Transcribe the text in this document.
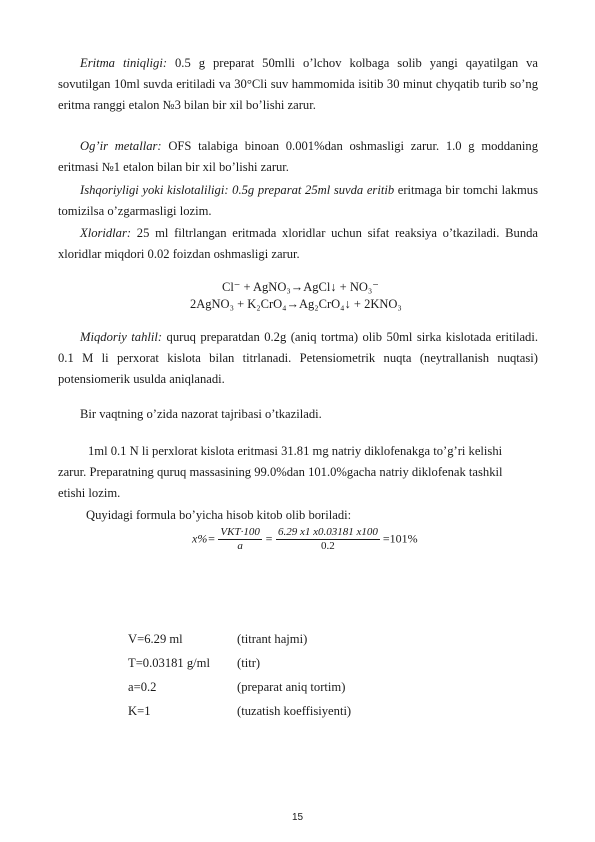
Eritma tiniqligi: 0.5 g preparat 50mlli o’lchov kolbaga solib yangi qayatilgan va sovutilgan 10ml suvda eritiladi va 30°Cli suv hammomida isitib 30 minut chyqatib turib so’ng eritma ranggi etalon №3 bilan bir xil bo’lishi zarur.
Og’ir metallar: OFS talabiga binoan 0.001%dan oshmasligi zarur. 1.0 g moddaning eritmasi №1 etalon bilan bir xil bo’lishi zarur.
Ishqoriyligi yoki kislotaliligi: 0.5g preparat 25ml suvda eritib eritmaga bir tomchi lakmus tomizilsa o’zgarmasligi lozim.
Xloridlar: 25 ml filtrlangan eritmada xloridlar uchun sifat reaksiya o’tkaziladi. Bunda xloridlar miqdori 0.02 foizdan oshmasligi zarur.
Cl⁻ + AgNO₃→AgCl↓ + NO₃⁻
2AgNO₃ + K₂CrO₄→Ag₂CrO₄↓ + 2KNO₃
Miqdoriy tahlil: quruq preparatdan 0.2g (aniq tortma) olib 50ml sirka kislotada eritiladi. 0.1 M li perxorat kislota bilan titrlanadi. Petensiometrik nuqta (neytrallanish nuqtasi) potensiomerik usulda aniqlanadi.
Bir vaqtning o’zida nazorat tajribasi o’tkaziladi.
1ml 0.1 N li perxlorat kislota eritmasi 31.81 mg natriy diklofenakga to’g’ri kelishi zarur. Preparatning quruq massasining 99.0%dan 101.0%gacha natriy diklofenak tashkil etishi lozim.
Quyidagi formula bo’yicha hisob kitob olib boriladi:
$x\%= \frac{\text{VKT·100}}{a} = \frac{6.29 x1 x0.03181 x100}{0.2} =101\%$
V=6.29 ml	(titrant hajmi)
T=0.03181 g/ml	(titr)
a=0.2	(preparat aniq tortim)
K=1	(tuzatish koeffisiyenti)
15
